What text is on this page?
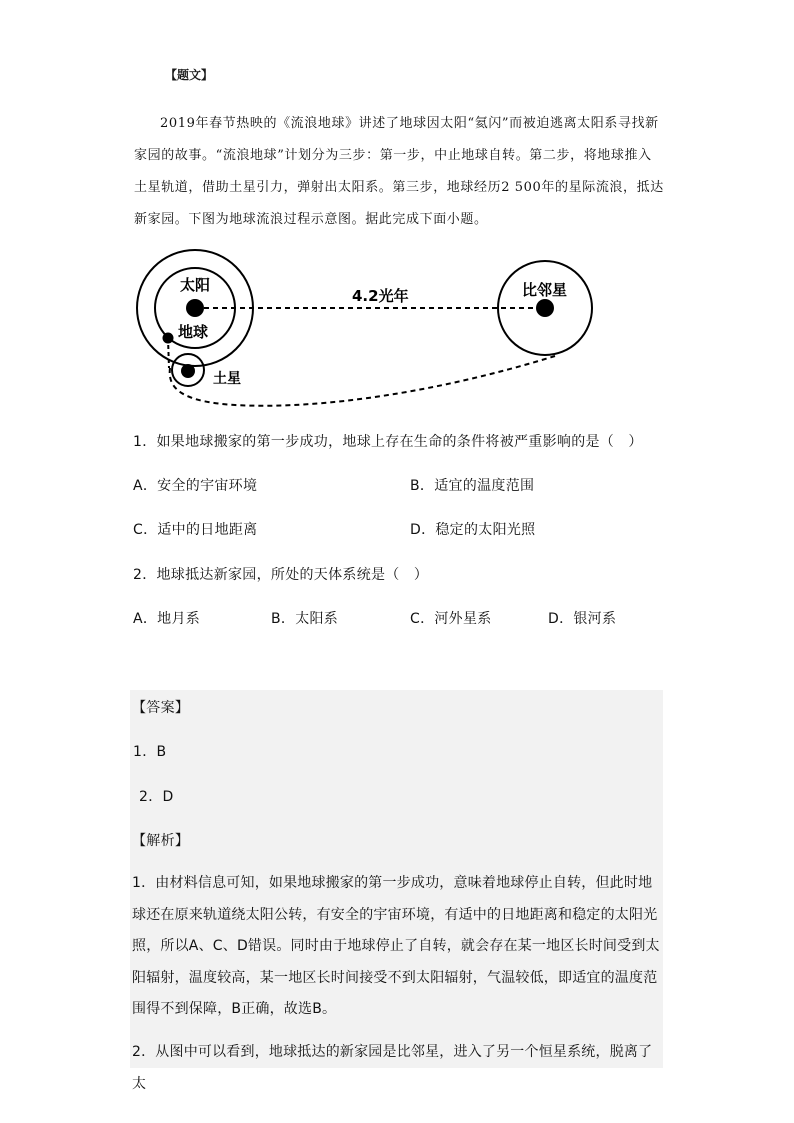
【题文】
2019年春节热映的《流浪地球》讲述了地球因太阳“氦闪”而被迫逃离太阳系寻找新家园的故事。“流浪地球”计划分为三步：第一步，中止地球自转。第二步，将地球推入土星轨道，借助土星引力，弹射出太阳系。第三步，地球经历2 500年的星际流浪，抵达新家园。下图为地球流浪过程示意图。据此完成下面小题。
太阳
地球
土星
比邻星
4.2光年
1．如果地球搬家的第一步成功，地球上存在生命的条件将被严重影响的是（　）
A．安全的宇宙环境	B．适宜的温度范围
C．适中的日地距离	D．稳定的太阳光照
2．地球抵达新家园，所处的天体系统是（　）
A．地月系	B．太阳系	C．河外星系	D．银河系
【答案】
1．B
2．D
【解析】
1．由材料信息可知，如果地球搬家的第一步成功，意味着地球停止自转，但此时地球还在原来轨道绕太阳公转，有安全的宇宙环境，有适中的日地距离和稳定的太阳光照，所以A、C、D错误。同时由于地球停止了自转，就会存在某一地区长时间受到太阳辐射，温度较高，某一地区长时间接受不到太阳辐射，气温较低，即适宜的温度范围得不到保障，B正确，故选B。
2．从图中可以看到，地球抵达的新家园是比邻星，进入了另一个恒星系统，脱离了太
